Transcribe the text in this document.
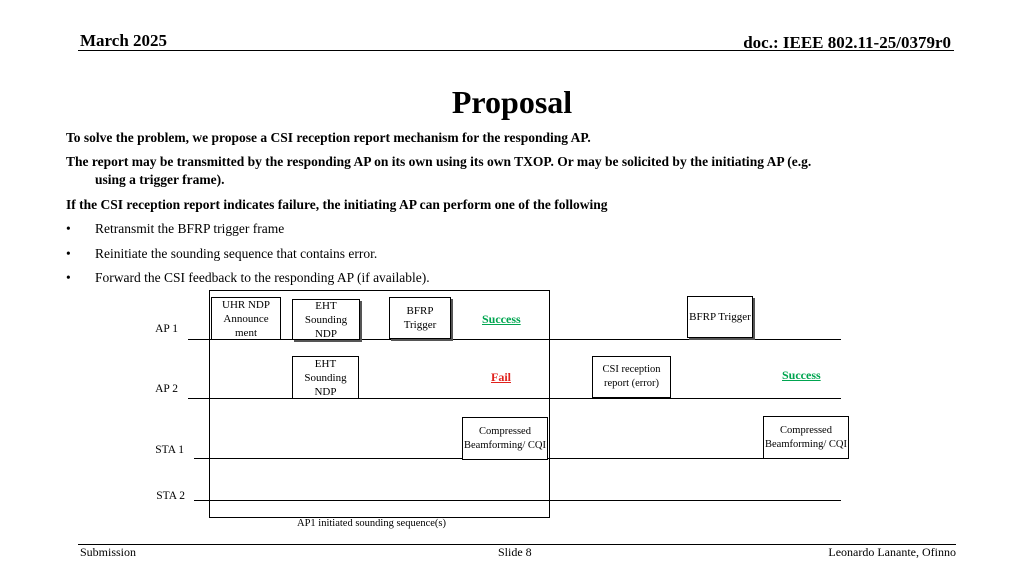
March 2025	doc.: IEEE 802.11-25/0379r0
Proposal
To solve the problem, we propose a CSI reception report mechanism for the responding AP.
The report may be transmitted by the responding AP on its own using its own TXOP. Or may be solicited by the initiating AP (e.g.
using a trigger frame).
If the CSI reception report indicates failure, the initiating AP can perform one of the following
• Retransmit the BFRP trigger frame
• Reinitiate the sounding sequence that contains error.
• Forward the CSI feedback to the responding AP (if available).
AP 1
AP 2
STA 1
STA 2
UHR NDP Announce ment
EHT Sounding NDP
BFRP Trigger	Success	BFRP Trigger
EHT Sounding NDP
Fail
CSI reception report (error)
Success
Compressed Beamforming/ CQI
Compressed Beamforming/ CQI
AP1 initiated sounding sequence(s)
Submission	Slide 8	Leonardo Lanante, Ofinno
